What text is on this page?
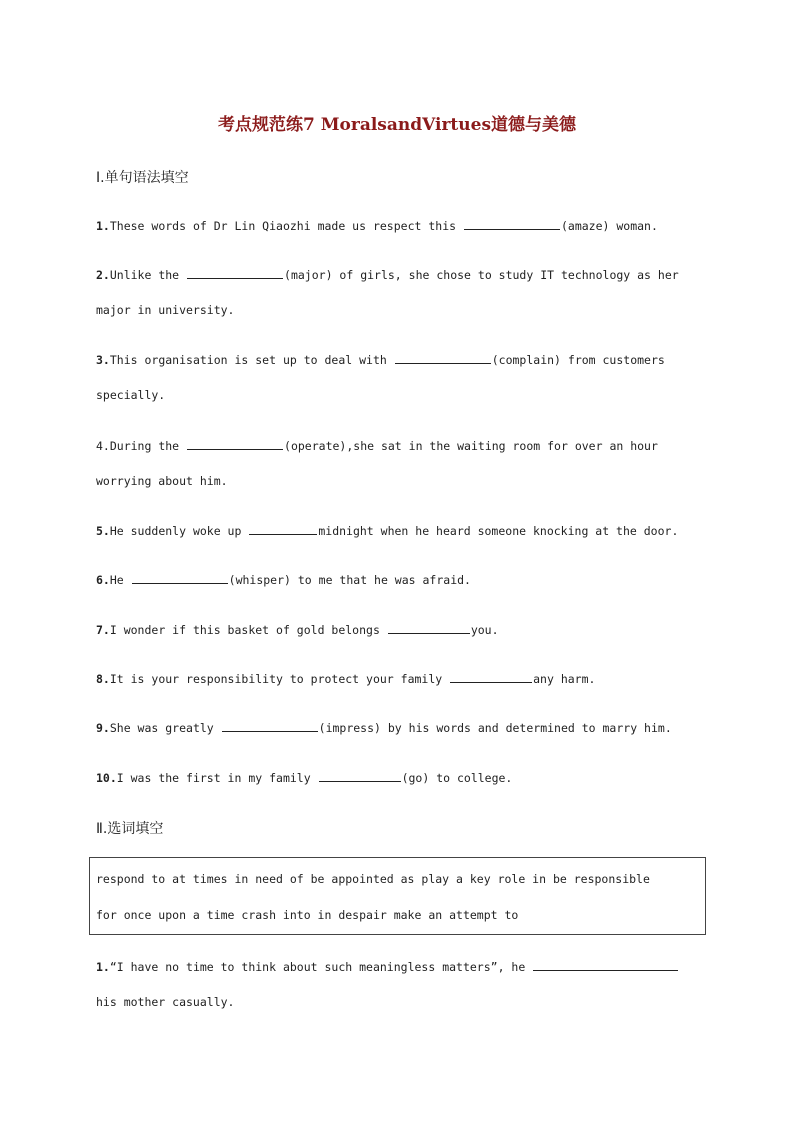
考点规范练7 MoralsandVirtues道德与美德
Ⅰ.单句语法填空
1.These words of Dr Lin Qiaozhi made us respect this	(amaze) woman.
2.Unlike the	(major) of girls, she chose to study IT technology as her
major in university.
3.This organisation is set up to deal with	(complain) from customers
specially.
4.During the	(operate),she sat in the waiting room for over an hour
worrying about him.
5.He suddenly woke up	midnight when he heard someone knocking at the door.
6.He	(whisper) to me that he was afraid.
7.I wonder if this basket of gold belongs	you.
8.It is your responsibility to protect your family	any harm.
9.She was greatly	(impress) by his words and determined to marry him.
10.I was the first in my family	(go) to college.
Ⅱ.选词填空
respond to at times in need of be appointed as play a key role in be responsible
for once upon a time crash into in despair make an attempt to
1.“I have no time to think about such meaningless matters”, he
his mother casually.
